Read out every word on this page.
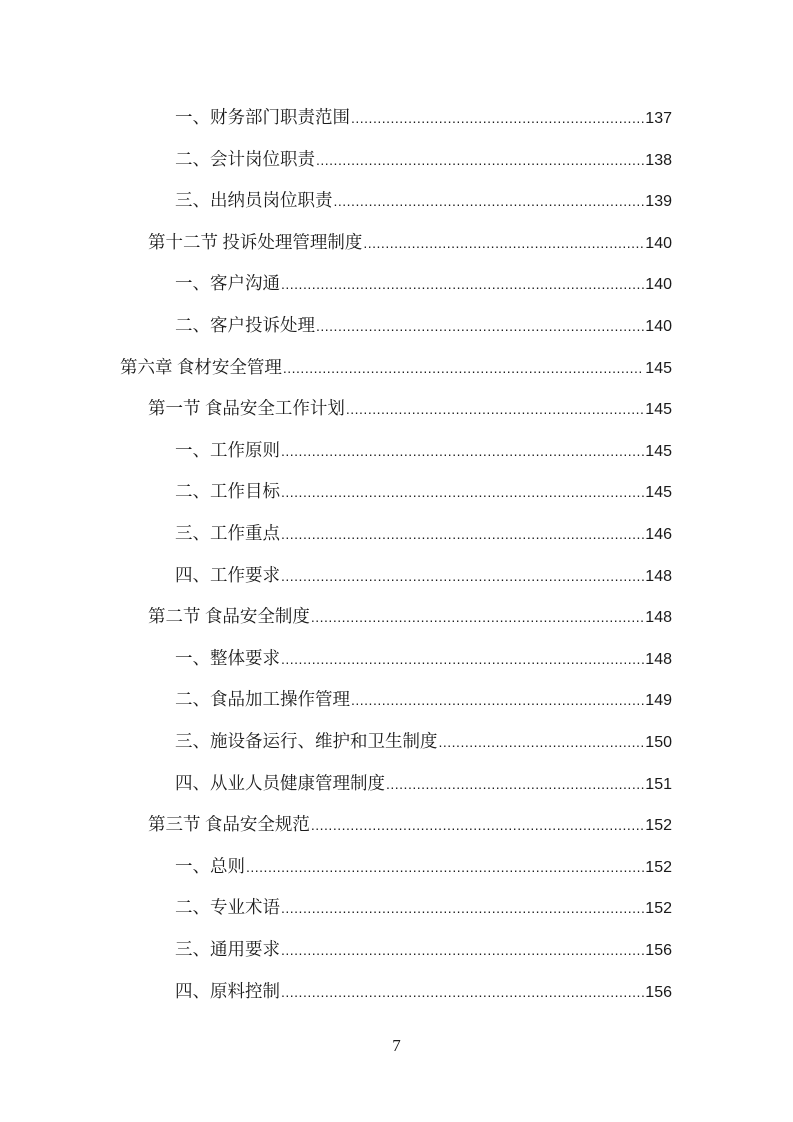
一、财务部门职责范围 .....	137
二、会计岗位职责 .....	138
三、出纳员岗位职责 .....	139
第十二节 投诉处理管理制度 .....	140
一、客户沟通 .....	140
二、客户投诉处理 .....	140
第六章 食材安全管理 .....	145
第一节 食品安全工作计划 .....	145
一、工作原则 .....	145
二、工作目标 .....	145
三、工作重点 .....	146
四、工作要求 .....	148
第二节 食品安全制度 .....	148
一、整体要求 .....	148
二、食品加工操作管理 .....	149
三、施设备运行、维护和卫生制度 .....	150
四、从业人员健康管理制度 .....	151
第三节 食品安全规范 .....	152
一、总则 .....	152
二、专业术语 .....	152
三、通用要求 .....	156
四、原料控制 .....	156
7
